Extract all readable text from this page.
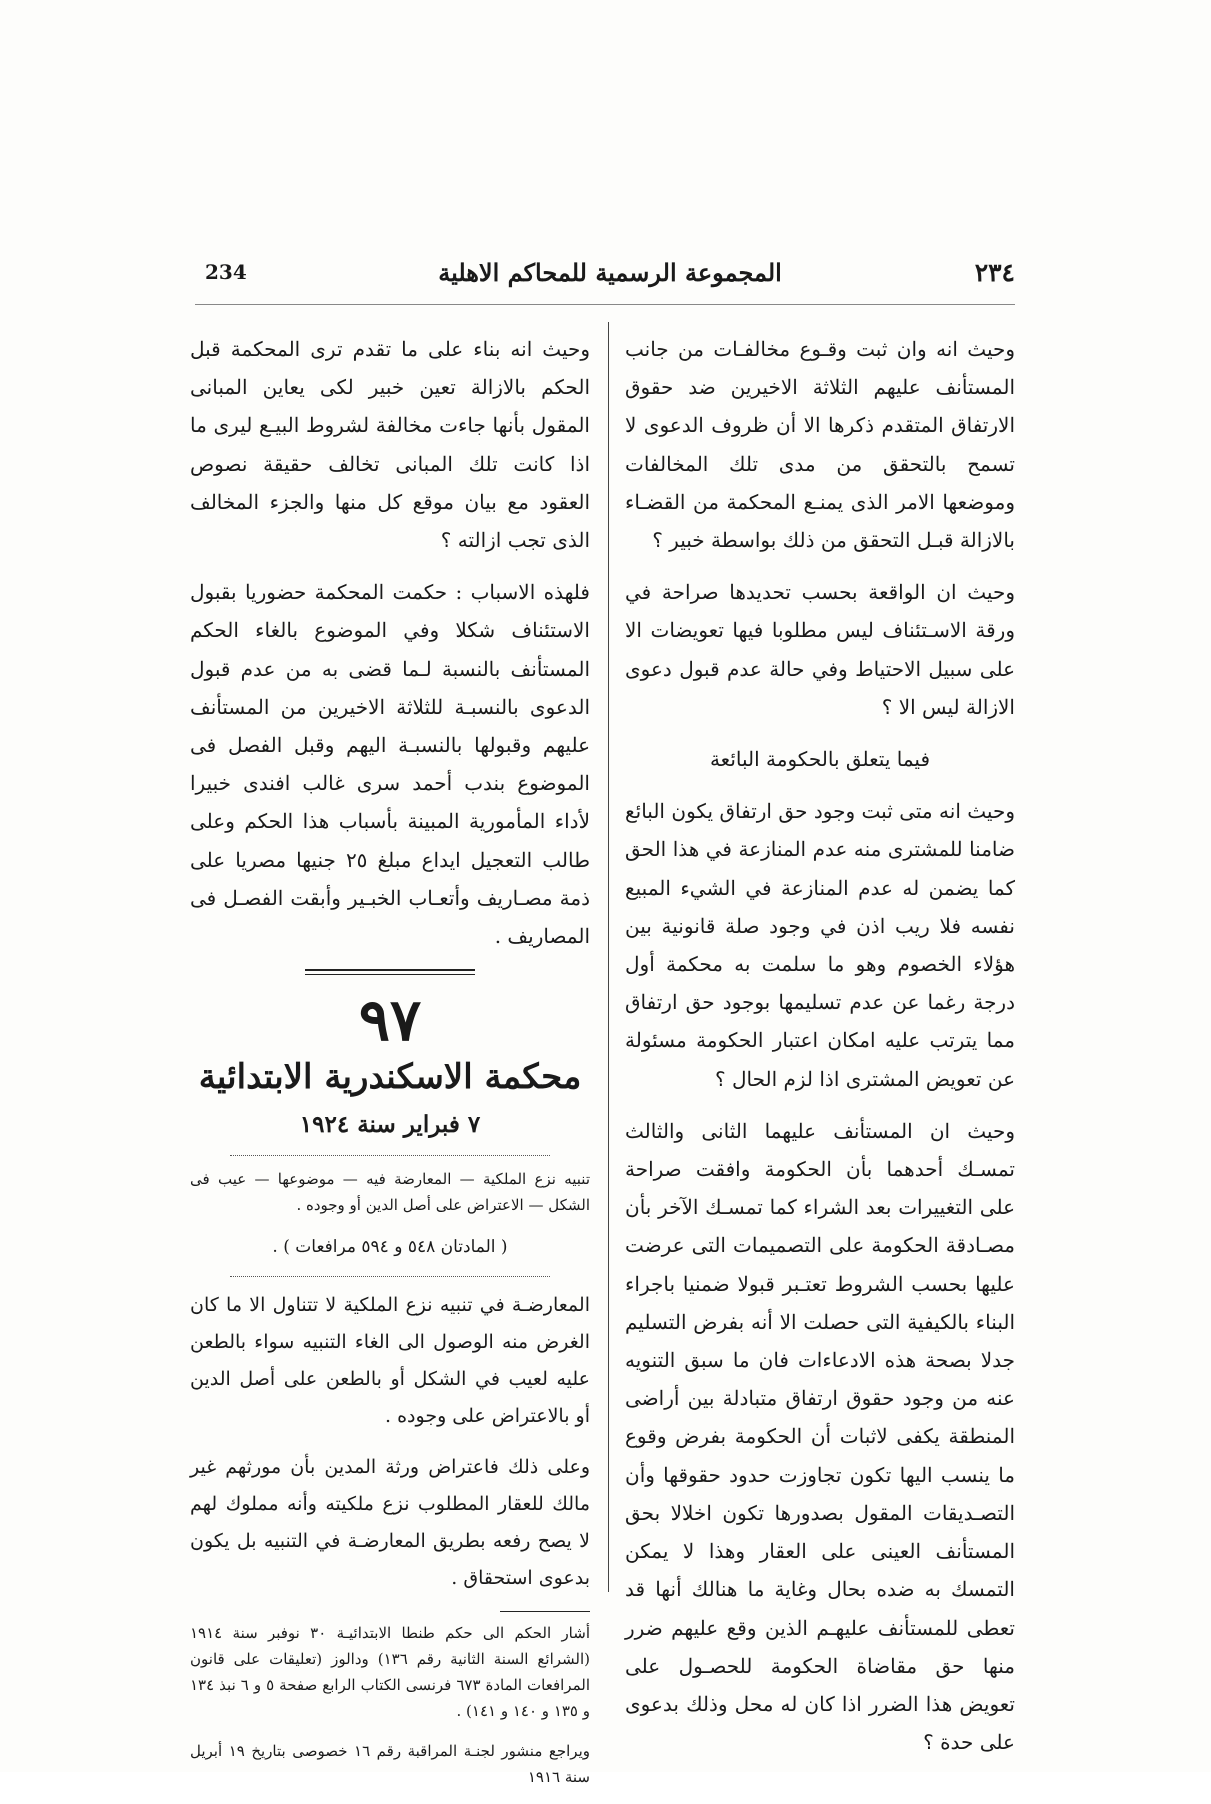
٢٣٤
المجموعة الرسمية للمحاكم الاهلية
234

وحيث انه وان ثبت وقـوع مخالفـات من جانب المستأنف عليهم الثلاثة الاخيرين ضد حقوق الارتفاق المتقدم ذكرها الا أن ظروف الدعوى لا تسمح بالتحقق من مدى تلك المخالفات وموضعها الامر الذى يمنـع المحكمة من القضـاء بالازالة قبـل التحقق من ذلك بواسطة خبير ؟

وحيث ان الواقعة بحسب تحديدها صراحة في ورقة الاسـتئناف ليس مطلوبا فيها تعويضات الا على سبيل الاحتياط وفي حالة عدم قبول دعوى الازالة ليس الا ؟

فيما يتعلق بالحكومة البائعة

وحيث انه متى ثبت وجود حق ارتفاق يكون البائع ضامنا للمشترى منه عدم المنازعة في هذا الحق كما يضمن له عدم المنازعة في الشيء المبيع نفسه فلا ريب اذن في وجود صلة قانونية بين هؤلاء الخصوم وهو ما سلمت به محكمة أول درجة رغما عن عدم تسليمها بوجود حق ارتفاق مما يترتب عليه امكان اعتبار الحكومة مسئولة عن تعويض المشترى اذا لزم الحال ؟

وحيث ان المستأنف عليهما الثانى والثالث تمسـك أحدهما بأن الحكومة وافقت صراحة على التغييرات بعد الشراء كما تمسـك الآخر بأن مصـادقة الحكومة على التصميمات التى عرضت عليها بحسب الشروط تعتـبر قبولا ضمنيا باجراء البناء بالكيفية التى حصلت الا أنه بفرض التسليم جدلا بصحة هذه الادعاءات فان ما سبق التنويه عنه من وجود حقوق ارتفاق متبادلة بين أراضى المنطقة يكفى لاثبات أن الحكومة بفرض وقوع ما ينسب اليها تكون تجاوزت حدود حقوقها وأن التصـديقات المقول بصدورها تكون اخلالا بحق المستأنف العينى على العقار وهذا لا يمكن التمسك به ضده بحال وغاية ما هنالك أنها قد تعطى للمستأنف عليهـم الذين وقع عليهم ضرر منها حق مقاضاة الحكومة للحصـول على تعويض هذا الضرر اذا كان له محل وذلك بدعوى على حدة ؟

وحيث انه بناء على ما تقدم ترى المحكمة قبل الحكم بالازالة تعين خبير لكى يعاين المبانى المقول بأنها جاءت مخالفة لشروط البيـع ليرى ما اذا كانت تلك المبانى تخالف حقيقة نصوص العقود مع بيان موقع كل منها والجزء المخالف الذى تجب ازالته ؟

فلهذه الاسباب : حكمت المحكمة حضوريا بقبول الاستئناف شكلا وفي الموضوع بالغاء الحكم المستأنف بالنسبة لـما قضى به من عدم قبول الدعوى بالنسبـة للثلاثة الاخيرين من المستأنف عليهم وقبولها بالنسبـة اليهم وقبل الفصل فى الموضوع بندب أحمد سرى غالب افندى خبيرا لأداء المأمورية المبينة بأسباب هذا الحكم وعلى طالب التعجيل ايداع مبلغ ٢٥ جنيها مصريا على ذمة مصـاريف وأتعـاب الخبـير وأبقت الفصـل فى المصاريف .

٩٧
محكمة الاسكندرية الابتدائية
٧ فبراير سنة ١٩٢٤

تنبيه نزع الملكية — المعارضة فيه — موضوعها — عيب فى الشكل — الاعتراض على أصل الدين أو وجوده .

( المادتان ٥٤٨ و ٥٩٤ مرافعات ) .

المعارضـة في تنبيه نزع الملكية لا تتناول الا ما كان الغرض منه الوصول الى الغاء التنبيه سواء بالطعن عليه لعيب في الشكل أو بالطعن على أصل الدين أو بالاعتراض على وجوده .

وعلى ذلك فاعتراض ورثة المدين بأن مورثهم غير مالك للعقار المطلوب نزع ملكيته وأنه مملوك لهم لا يصح رفعه بطريق المعارضـة في التنبيه بل يكون بدعوى استحقاق .

أشار الحكم الى حكم طنطا الابتدائيـة ٣٠ نوفبر سنة ١٩١٤ (الشرائع السنة الثانية رقم ١٣٦) ودالوز (تعليقات على قانون المرافعات المادة ٦٧٣ فرنسى الكتاب الرابع صفحة ٥ و ٦ نبذ ١٣٤ و ١٣٥ و ١٤٠ و ١٤١) .

ويراجع منشور لجنـة المراقبة رقم ١٦ خصوصى بتاريخ ١٩ أبريل سنة ١٩١٦
